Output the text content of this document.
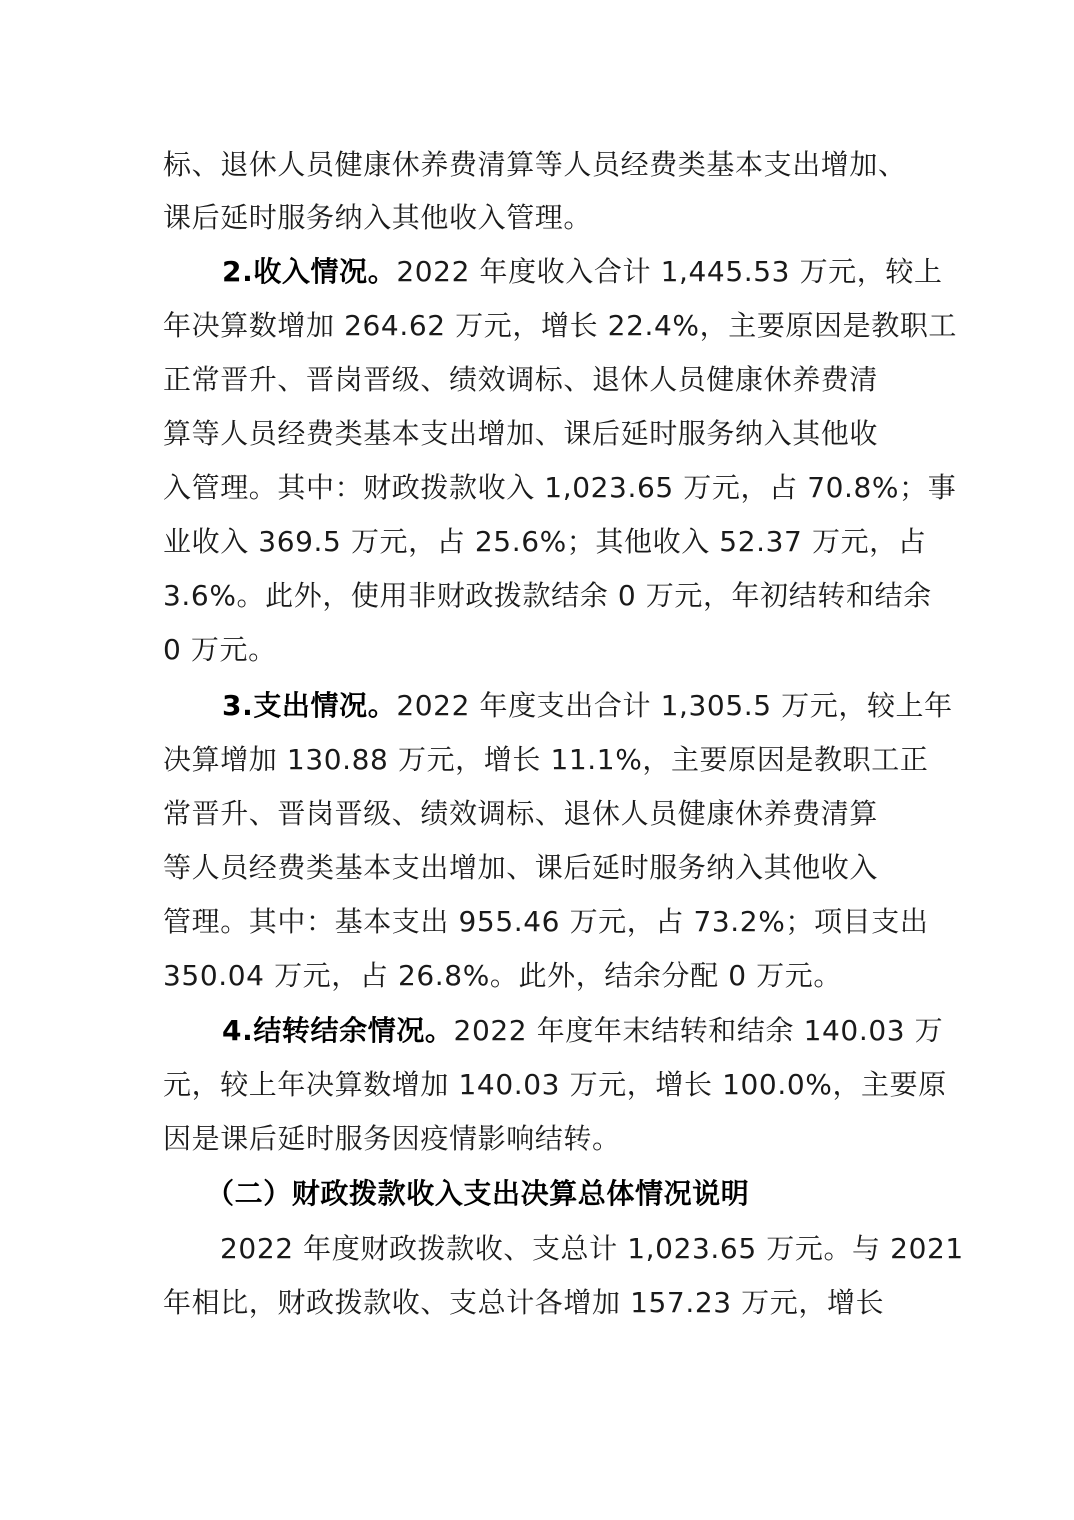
标、退休人员健康休养费清算等人员经费类基本支出增加、
课后延时服务纳入其他收入管理。
2.收入情况。2022 年度收入合计 1,445.53 万元，较上
年决算数增加 264.62 万元，增长 22.4%，主要原因是教职工
正常晋升、晋岗晋级、绩效调标、退休人员健康休养费清
算等人员经费类基本支出增加、课后延时服务纳入其他收
入管理。其中：财政拨款收入 1,023.65 万元，占 70.8%；事
业收入 369.5 万元，占 25.6%；其他收入 52.37 万元，占
3.6%。此外，使用非财政拨款结余 0 万元，年初结转和结余
0 万元。
3.支出情况。2022 年度支出合计 1,305.5 万元，较上年
决算增加 130.88 万元，增长 11.1%，主要原因是教职工正
常晋升、晋岗晋级、绩效调标、退休人员健康休养费清算
等人员经费类基本支出增加、课后延时服务纳入其他收入
管理。其中：基本支出 955.46 万元，占 73.2%；项目支出
350.04 万元，占 26.8%。此外，结余分配 0 万元。
4.结转结余情况。2022 年度年末结转和结余 140.03 万
元，较上年决算数增加 140.03 万元，增长 100.0%，主要原
因是课后延时服务因疫情影响结转。
（二）财政拨款收入支出决算总体情况说明
2022 年度财政拨款收、支总计 1,023.65 万元。与 2021
年相比，财政拨款收、支总计各增加 157.23 万元，增长
